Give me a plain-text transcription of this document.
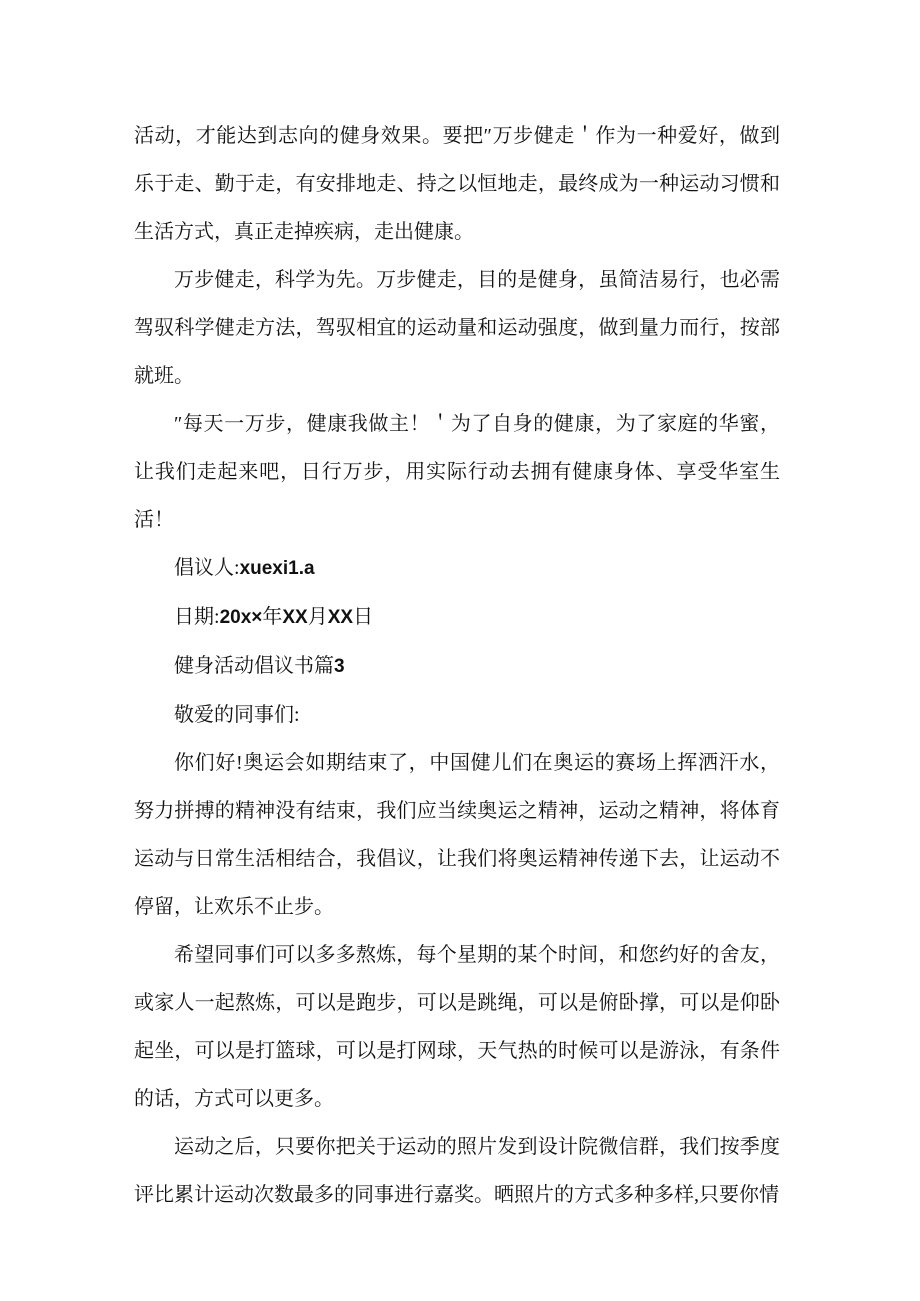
活动，才能达到志向的健身效果。要把″万步健走＇作为一种爱好，做到乐于走、勤于走，有安排地走、持之以恒地走，最终成为一种运动习惯和生活方式，真正走掉疾病，走出健康。

万步健走，科学为先。万步健走，目的是健身，虽简洁易行，也必需驾驭科学健走方法，驾驭相宜的运动量和运动强度，做到量力而行，按部就班。

″每天一万步，健康我做主！＇为了自身的健康，为了家庭的华蜜，让我们走起来吧，日行万步，用实际行动去拥有健康身体、享受华室生活！

倡议人:xuexi1.a

日期:20x×年XX月XX日

健身活动倡议书篇3

敬爱的同事们:

你们好!奥运会如期结束了，中国健儿们在奥运的赛场上挥洒汗水，努力拼搏的精神没有结束，我们应当续奥运之精神，运动之精神，将体育运动与日常生活相结合，我倡议，让我们将奥运精神传递下去，让运动不停留，让欢乐不止步。

希望同事们可以多多熬炼，每个星期的某个时间，和您约好的舍友，或家人一起熬炼，可以是跑步，可以是跳绳，可以是俯卧撑，可以是仰卧起坐，可以是打篮球，可以是打网球，天气热的时候可以是游泳，有条件的话，方式可以更多。

运动之后，只要你把关于运动的照片发到设计院微信群，我们按季度评比累计运动次数最多的同事进行嘉奖。晒照片的方式多种多样,只要你情
